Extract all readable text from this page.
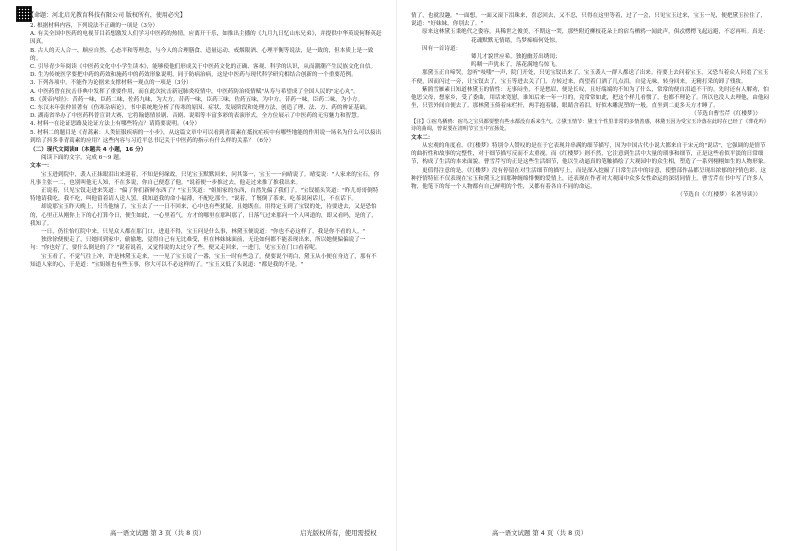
【命题：河北启光教育科技有限公司 版权所有，使用必究】

2. 根据材料内容，下列说法不正确的一项是（3分）

A. 有关全国中医药的电视节目若想激发人们学习中医药的热情，应离开干乐，如推出主播的《九月九日忆山东兄弟》，并提供中华英说何释英赶因真。

B. 古人的天人合一、顺应自然、心态平和等理念，与今人的合理膳食、适量运动、戒烟限酒、心理平衡等说法，是一致的，但本质上是一致的。

C. 引导青少年阅读《中医药文化中小学生读本》，能够使他们形成关于中医药文化的正确、客观、科学的认识，从而潮潮产生民族文化自信。

D. 生为传统医学要把中药的药效和施药中的药效形象说明，同于防病治病，这是中医药与现代科学研究相结合创新的一个重要范例。

3. 下列各项中，不能作为论据来支撑材料一观点的一项是（3分）

A. 中医药曾在抗击非典中发挥了重要作用，而在此次抗击新冠肺炎疫情中，中医药防治疫情赋"从寿与希望成了全国人民的"定心丸"。

B.《黄帝内经》：昔药一味，臣药二味，佐药九味，为大方。昔药一味，臣药三味，佐药五味，为中方。昔药一味，臣药二味，为小方。

C. 东汉末年张仲景著有《伤寒杂病论》，书中系统地分析了传寒的原因、症状、发展阶段和处理方法，创造了理、法、方、药的辨证基础。

D. 湖南省举办了中医药科普宣讲大赛，它将翰德情景剧、音剧、说唱等丰富多彩的表演形式，全方位展示了中医药的无穷魅力和智慧。

4. 材料一在论证思路及论证方法上有哪些特点？请简要说明。（4分）

5. 材料二的题目是《青蒿素：人类征服疾病的一小步》，从这篇文章中可以看到青蒿素在抵抗疟疾中有哪些地能的作用说一场名为什么可以接出到给了抖多非青蒿素的应用？这些内容与习近平总书记关于中医药的指示有什么样的关系？（6分）

（二）现代文阅读Ⅱ（本题共 4 小题，16 分）

阅读下面的文字，完成 6～9 题。

文本一：

宝玉进到院中，袭人正抹眼泪出来迎着，不知是何缘故。只见宝玉默默回来，问其第一，宝玉一一向晴说了。晴雯说："人家来的宝石，你凡事主张一二，也别叫他无人知，不在多说，你自己便惹了他。"说着便一步推过去，他走过来推了推我出来。

正说着，只见宝钗走进来笑道："偏了你们新鲜东西了？"宝玉笑道："姐姐家的东西，自然先偏了我们了。"宝钗摇头笑道："昨儿哥哥倒特特地请我吃，我不吃，叫他留着请人送人罢。我知道我的命小福薄，不配吃那个。"说着，丫鬟倒了茶来，吃茶说闲话儿，不在话下。

却说那宝玉昨天晚上，只当他恼了，宝玉去了一一日不回来，心中也有些犹疑，且她既在，用得定玉到了宝钗的处，待要进去，又是恐怕的，心里正从刚你上下的心打算今日，便生如此，一心里着气，方才的哪里在那叫那了，日落气过来那问一个人叫道的，即又看吗，是的了，我知了。

一日，仍往怡红院中来，只见众人都在那门口，进退不得，宝玉问是什么事，林黛玉便说道："你也不必这样了，我是你不看的人。"

独徐徐便便走了，只她回到家中，偷偷地，觉得自己有无比难受，但在林妹妹面前，无论如何都不能表现出来，所以她便偏偏说了一句："你也好了，要什么倒是的了？"说着说着，又觉得说的太过分了些，便又走回来，一进门，见宝玉在门口看着呢。

宝玉看了，不觉气往上冲，许是林黛玉走来，一一见了宝玉说了一番，宝玉一时有些急了，便要说个明白，黛玉从小便在身边了，那有不知道人家的心，于是道："宝姐姐也有些玉事，你大可以不必这样的了。"宝玉又低了头说道："都是我的不是。"

高一语文试题 第 3 页（共 8 页）	启光版权所有，使用需授权

情了，也就没趣。"一面想，一面又滚下泪珠来，喜忍回去，又不忍，只得在这里等着，过了一会，只见宝玉过来，宝玉一见，便把黛玉拉住了，说道："好妹妹，你别去了。"

原来这林黛玉秉绝代之姿容，具稀世之俊美，不期这一哭，那些附近柳枝花朵上的宿鸟栖鸦一闻此声，俱忒楞楞飞起远避，不忍再听。真是：

花魂默默无情绪，鸟梦痴痴何处惊。

因有一首诗道：

颦儿才貌世应希，独抱幽芳出绣闺；

呜咽一声犹未了，落花满地鸟惊飞。

那黛玉正自啼哭，忽听"吱喽"一声，院门开处，只见宝钗出来了，宝玉袭人一群人都送了出来。待要上去问着宝玉，又恐当着众人问羞了宝玉不便，因而闪过一旁，让宝钗去了，宝玉等进去关了门，方转过来，尚望着门洒了几点泪。自觉无味，转身回来，无精打采的卸了残妆。

紫鹃雪雁素日知道林黛玉的情性：无事闷坐，不是愁眉，便是长叹，且好端端的不知为了什么，常常的便自泪道不干的。先时还有人解劝，怕他思父母，想家乡，受了委曲，用话来宽慰。谁知后来一年一月的，竟常常如此，把这个样儿看惯了，也都不理论了。所以也没人去理他，由他闷坐，只管外间自便去了。那林黛玉倚着床栏杆，两手抱着膝，眼睛含着泪，好似木雕泥塑的一般，直坐到二更多天方才睡了。

（节选自曹雪芹《红楼梦》）

【注】①宿鸟栖鸦：宿鸟之宝贝都要整有些水都没有系来生气。②黛玉情节：黛玉个性里非常的多情善感，林黛玉因为受宝玉冷落在此时在已经了《葬花吟》诗的曲调，曾说要在清明节宝玉中宣扬处。

文本二：

从宏观的角度看，《红楼梦》特别令人赞叹的是在于它表现并串满的细节描写，因为中国古代小说大都来自于宋元的"说话"，它强调的是情节的曲折性和故事的完整性，对于细节描写反而不太重视。而《红楼梦》则不然，它注意到生活中大量的琐事和细节，正是这些看似平淡的日常细节，构成了生活的本来面貌。曹雪芹写的正是这些生活细节，他以生动逼真的笔触描绘了大观园中的众生相，塑造了一系列栩栩如生的人物形象。

更值得注意的是，《红楼梦》没有停留在对生活细节的描写上，而是深入挖掘了日常生活中的诗意，使整部作品都呈现出浓郁的抒情色彩。这种抒情特征不仅表现在宝玉和黛玉之间那种缠绵悱恻的爱情上，还表现在作者对大观园中众多女性命运的深切同情上。曹雪芹在书中写了许多人物，他笔下的每一个人物都有自己鲜明的个性，又都有着各自不同的命运。

（节选自《〈红楼梦〉名著导读》）

高一语文试题 第 4 页（共 8 页）
